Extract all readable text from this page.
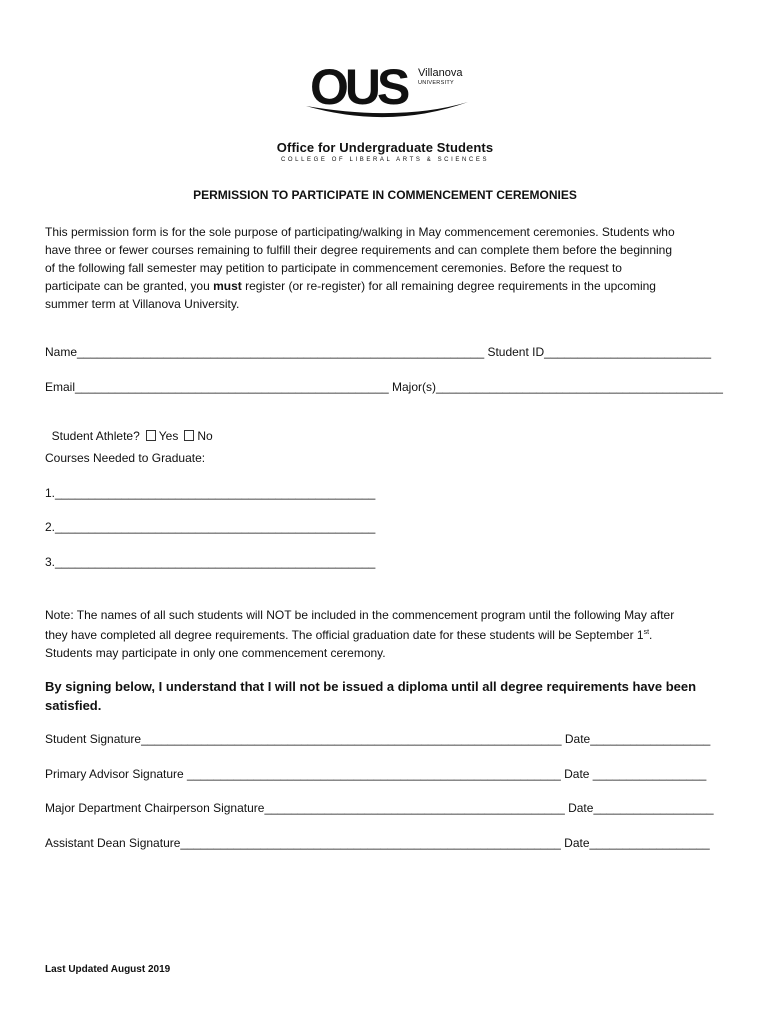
OUS Villanova
UNIVERSITY
Office for Undergraduate Students
COLLEGE OF LIBERAL ARTS & SCIENCES
PERMISSION TO PARTICIPATE IN COMMENCEMENT CEREMONIES
This permission form is for the sole purpose of participating/walking in May commencement ceremonies. Students who
have three or fewer courses remaining to fulfill their degree requirements and can complete them before the beginning
of the following fall semester may petition to participate in commencement ceremonies. Before the request to
participate can be granted, you must register (or re-register) for all remaining degree requirements in the upcoming
summer term at Villanova University.
Name_____________________________________________________________ Student ID_________________________
Email_______________________________________________ Major(s)___________________________________________

Student Athlete? Yes No

Courses Needed to Graduate:
1.________________________________________________
2.________________________________________________
3.________________________________________________
Note: The names of all such students will NOT be included in the commencement program until the following May after
they have completed all degree requirements. The official graduation date for these students will be September 1st.
Students may participate in only one commencement ceremony.
By signing below, I understand that I will not be issued a diploma until all degree requirements have been satisfied.
Student Signature_______________________________________________________________ Date__________________
Primary Advisor Signature ________________________________________________________ Date _________________
Major Department Chairperson Signature_____________________________________________ Date__________________
Assistant Dean Signature_________________________________________________________ Date__________________
Last Updated August 2019
